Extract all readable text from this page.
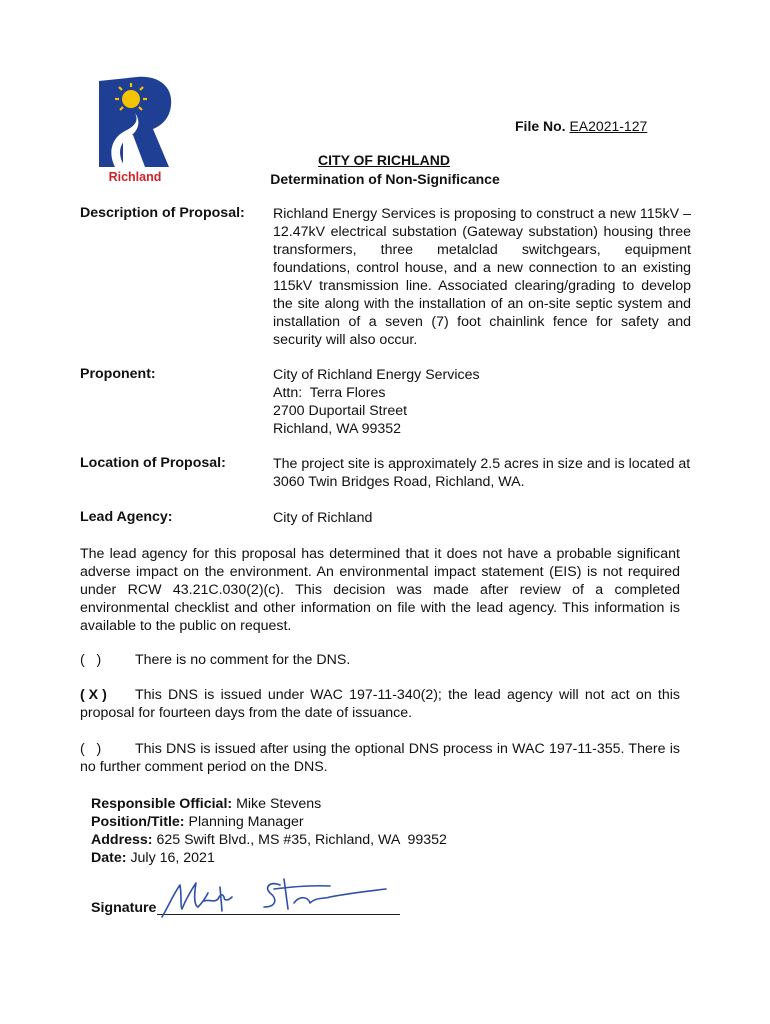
Richland
File No. EA2021-127
CITY OF RICHLAND
Determination of Non-Significance
Description of Proposal: Richland Energy Services is proposing to construct a new 115kV – 12.47kV electrical substation (Gateway substation) housing three transformers, three metalclad switchgears, equipment foundations, control house, and a new connection to an existing 115kV transmission line. Associated clearing/grading to develop the site along with the installation of an on-site septic system and installation of a seven (7) foot chainlink fence for safety and security will also occur.
Proponent:	City of Richland Energy Services
Attn:  Terra Flores
2700 Duportail Street
Richland, WA 99352
Location of Proposal:	The project site is approximately 2.5 acres in size and is located at 3060 Twin Bridges Road, Richland, WA.
Lead Agency:	City of Richland
The lead agency for this proposal has determined that it does not have a probable significant adverse impact on the environment. An environmental impact statement (EIS) is not required under RCW 43.21C.030(2)(c). This decision was made after review of a completed environmental checklist and other information on file with the lead agency. This information is available to the public on request.
(   ) There is no comment for the DNS.
( X ) This DNS is issued under WAC 197-11-340(2); the lead agency will not act on this proposal for fourteen days from the date of issuance.
(   ) This DNS is issued after using the optional DNS process in WAC 197-11-355. There is no further comment period on the DNS.
Responsible Official: Mike Stevens
Position/Title: Planning Manager
Address: 625 Swift Blvd., MS #35, Richland, WA  99352
Date: July 16, 2021
Signature
